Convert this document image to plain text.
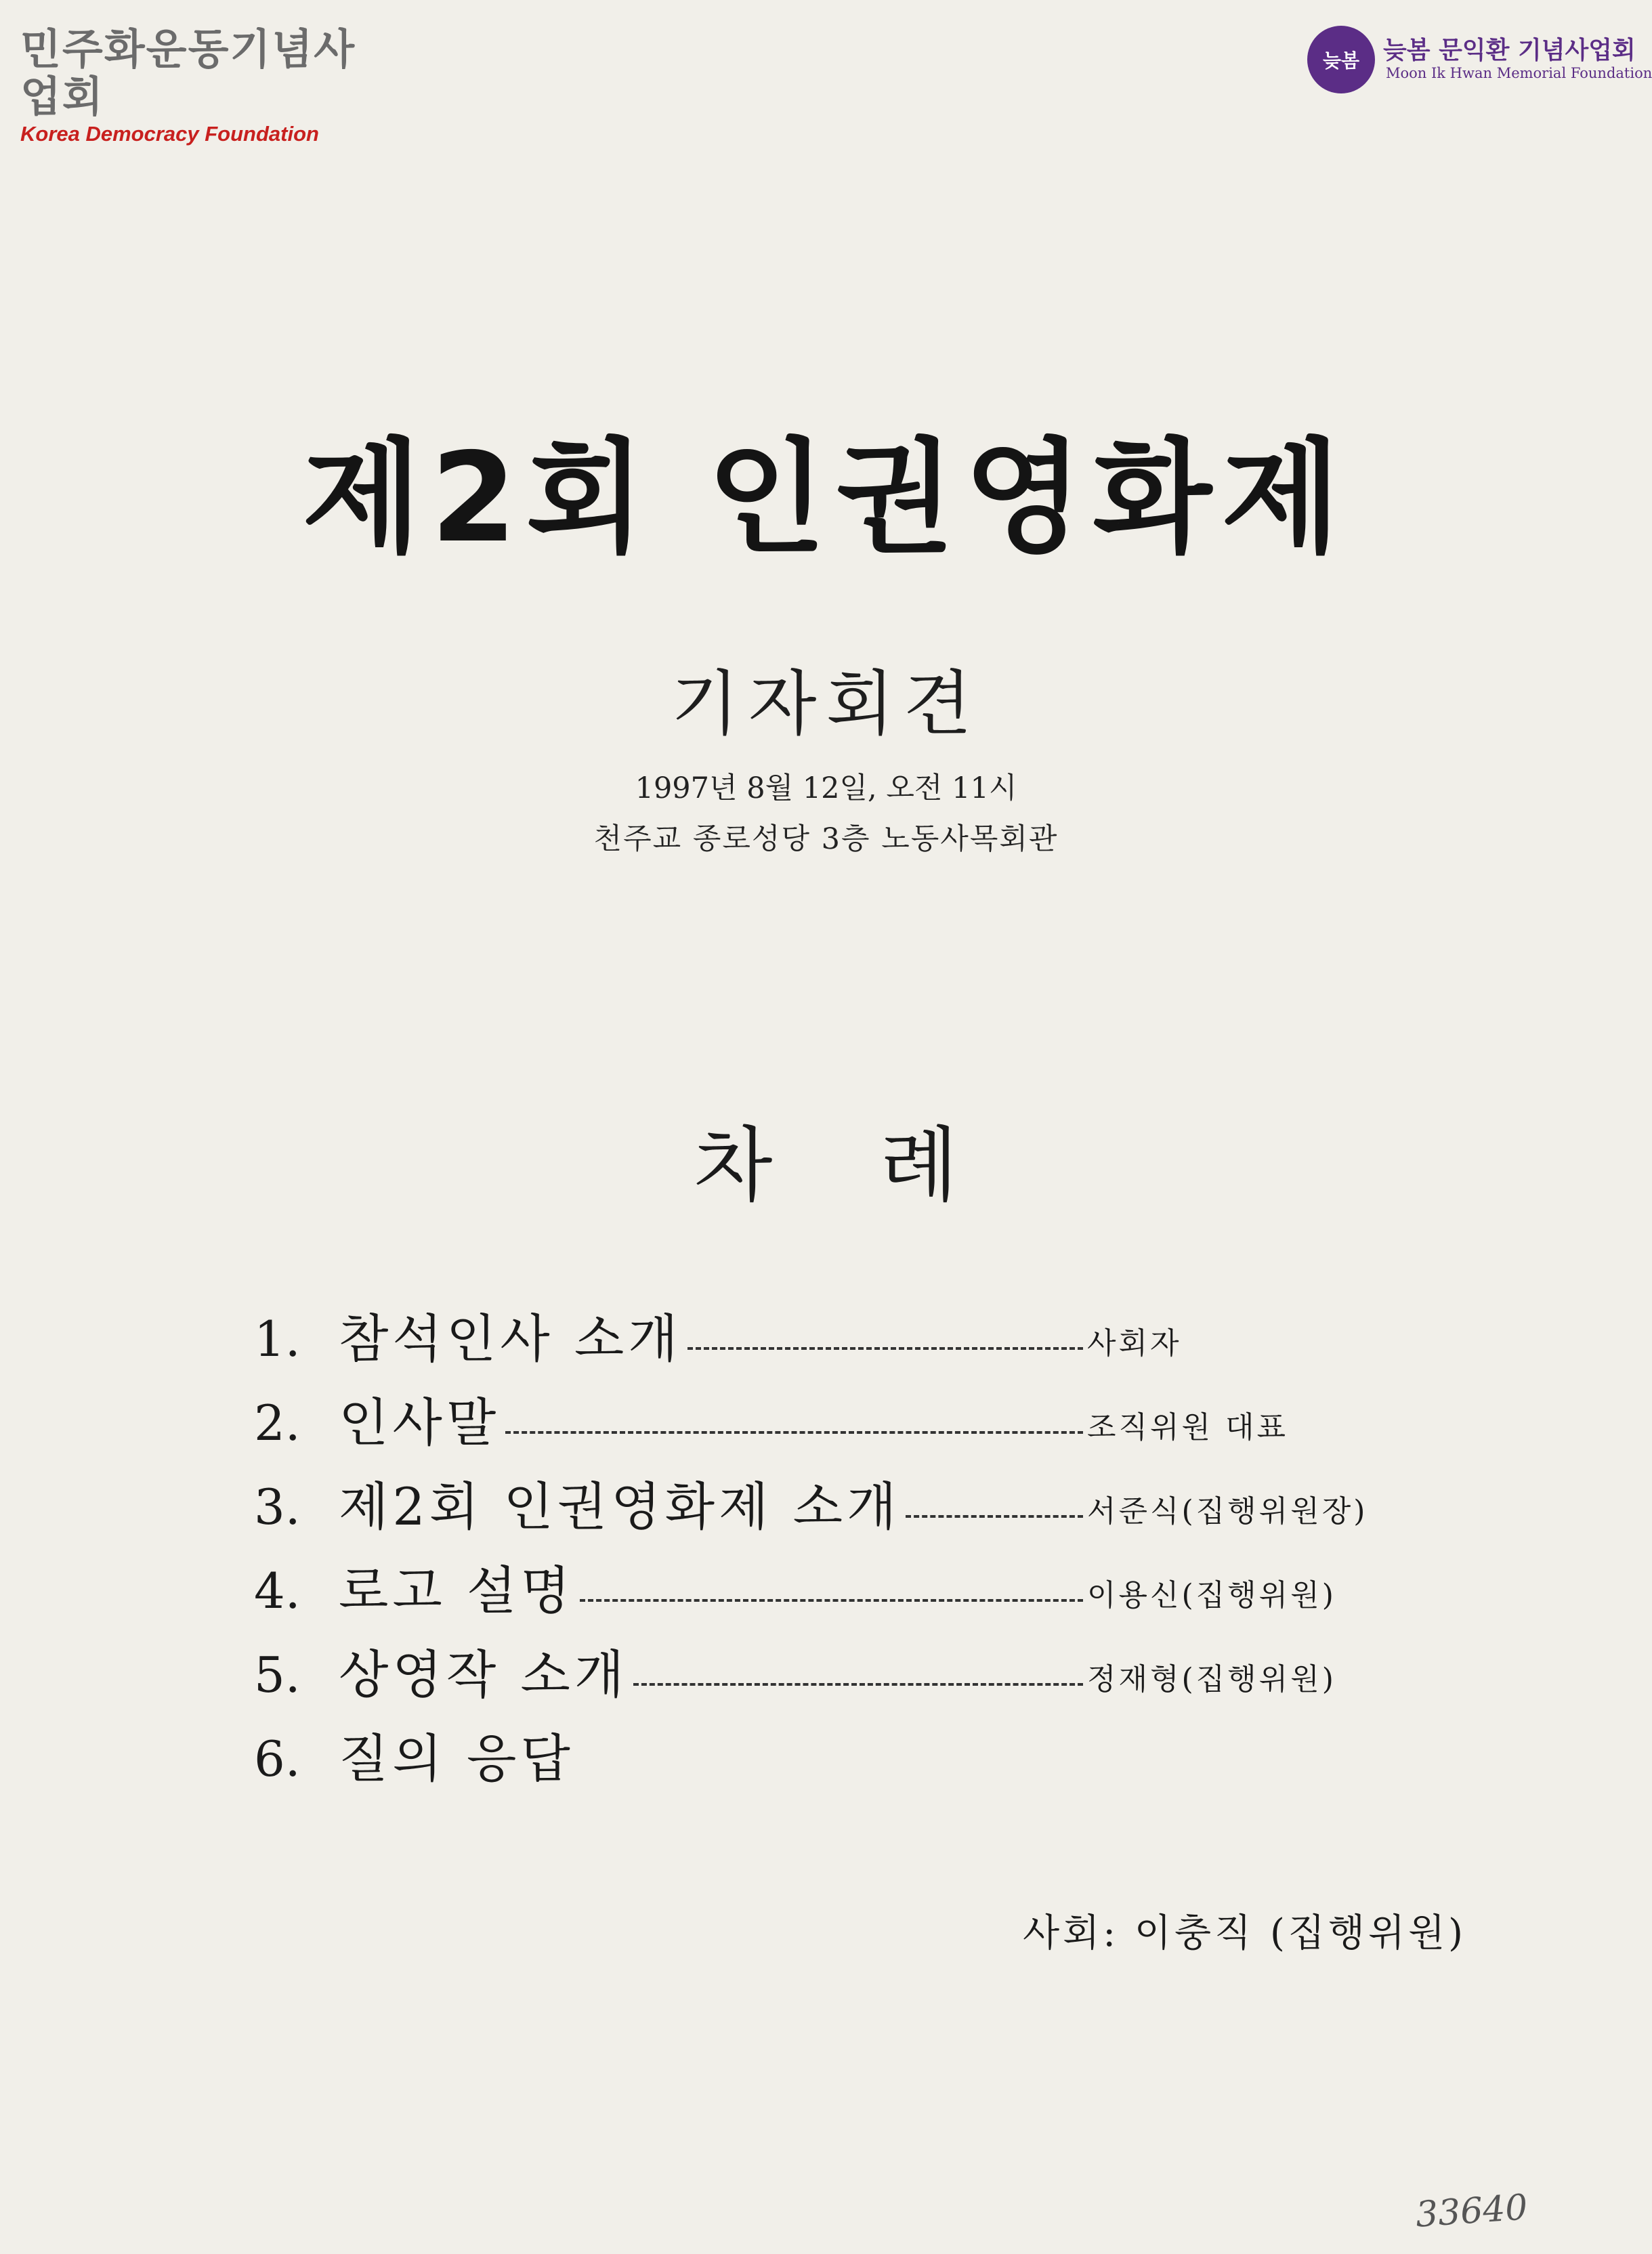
민주화운동기념사업회
Korea Democracy Foundation
늦봄 늦봄 문익환 기념사업회
Moon Ik Hwan Memorial Foundation
제2회 인권영화제
기자회견
1997년 8월 12일, 오전 11시
천주교 종로성당 3층 노동사목회관
차 례
1. 참석인사 소개	사회자
2. 인사말	조직위원 대표
3. 제2회 인권영화제 소개	서준식(집행위원장)
4. 로고 설명	이용신(집행위원)
5. 상영작 소개	정재형(집행위원)
6. 질의 응답
사회: 이충직 (집행위원)
33640
